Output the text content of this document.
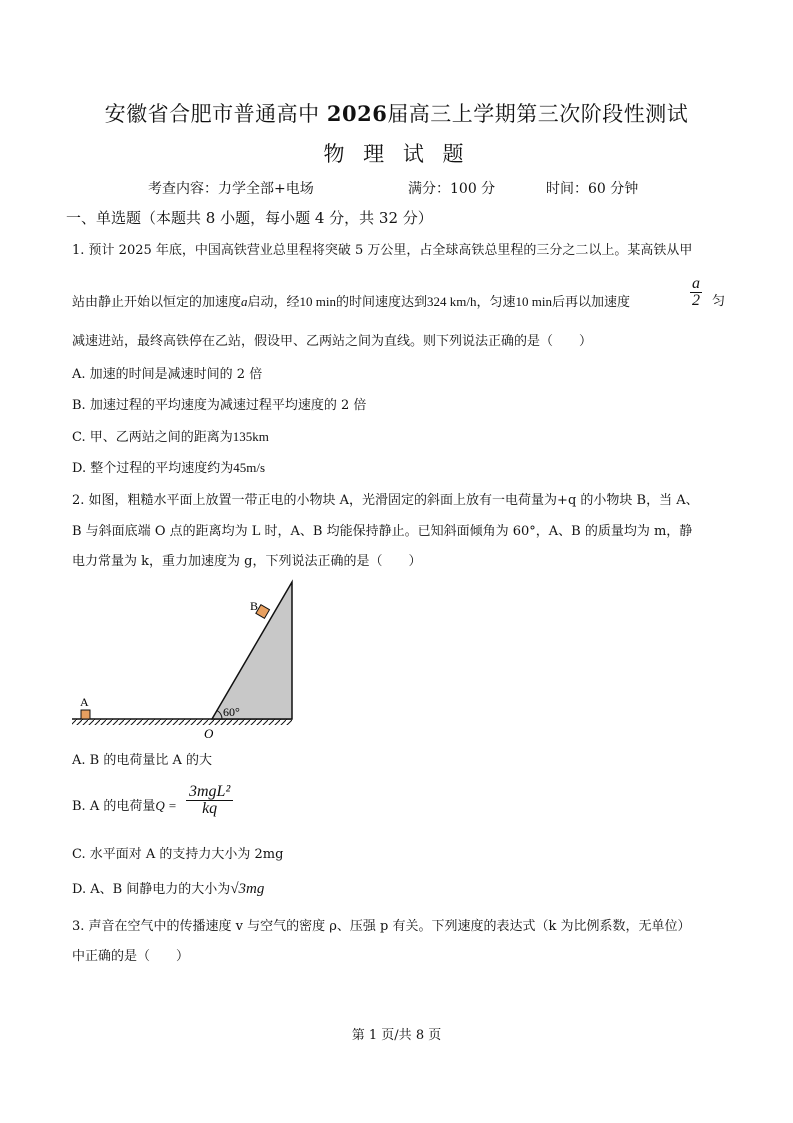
安徽省合肥市普通高中 2026届高三上学期第三次阶段性测试
物 理 试 题
考查内容：力学全部+电场	满分：100 分	时间：60 分钟
一、单选题（本题共 8 小题，每小题 4 分，共 32 分）
1. 预计 2025 年底，中国高铁营业总里程将突破 5 万公里，占全球高铁总里程的三分之二以上。某高铁从甲
站由静止开始以恒定的加速度a启动，经10 min的时间速度达到324 km/h，匀速10 min后再以加速度	$\frac{a}{2}$ 匀
减速进站，最终高铁停在乙站，假设甲、乙两站之间为直线。则下列说法正确的是（　　）
A. 加速的时间是减速时间的 2 倍
B. 加速过程的平均速度为减速过程平均速度的 2 倍
C. 甲、乙两站之间的距离为135km
D. 整个过程的平均速度约为45m/s
2. 如图，粗糙水平面上放置一带正电的小物块 A，光滑固定的斜面上放有一电荷量为+q 的小物块 B，当 A、
B 与斜面底端 O 点的距离均为 L 时，A、B 均能保持静止。已知斜面倾角为 60°，A、B 的质量均为 m，静
电力常量为 k，重力加速度为 g，下列说法正确的是（　　）
A
B
60°
O
A. B 的电荷量比 A 的大
B. A 的电荷量Q =
3mgL²
kq
C. 水平面对 A 的支持力大小为 2mg
D. A、B 间静电力的大小为√3mg
3. 声音在空气中的传播速度 v 与空气的密度 ρ、压强 p 有关。下列速度的表达式（k 为比例系数，无单位）
中正确的是（　　）
第 1 页/共 8 页
